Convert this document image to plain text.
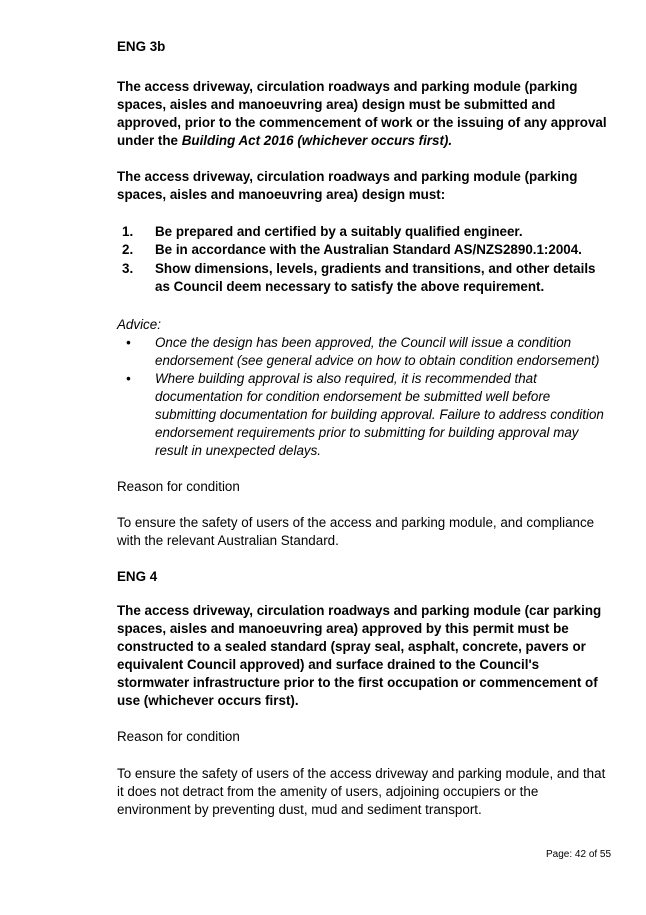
ENG 3b
The access driveway, circulation roadways and parking module (parking spaces, aisles and manoeuvring area) design must be submitted and approved, prior to the commencement of work or the issuing of any approval under the Building Act 2016 (whichever occurs first).
The access driveway, circulation roadways and parking module (parking spaces, aisles and manoeuvring area) design must:
1. Be prepared and certified by a suitably qualified engineer.
2. Be in accordance with the Australian Standard AS/NZS2890.1:2004.
3. Show dimensions, levels, gradients and transitions, and other details as Council deem necessary to satisfy the above requirement.
Advice:
• Once the design has been approved, the Council will issue a condition endorsement (see general advice on how to obtain condition endorsement)
• Where building approval is also required, it is recommended that documentation for condition endorsement be submitted well before submitting documentation for building approval. Failure to address condition endorsement requirements prior to submitting for building approval may result in unexpected delays.
Reason for condition
To ensure the safety of users of the access and parking module, and compliance with the relevant Australian Standard.
ENG 4
The access driveway, circulation roadways and parking module (car parking spaces, aisles and manoeuvring area) approved by this permit must be constructed to a sealed standard (spray seal, asphalt, concrete, pavers or equivalent Council approved) and surface drained to the Council's stormwater infrastructure prior to the first occupation or commencement of use (whichever occurs first).
Reason for condition
To ensure the safety of users of the access driveway and parking module, and that it does not detract from the amenity of users, adjoining occupiers or the environment by preventing dust, mud and sediment transport.
Page: 42 of 55
